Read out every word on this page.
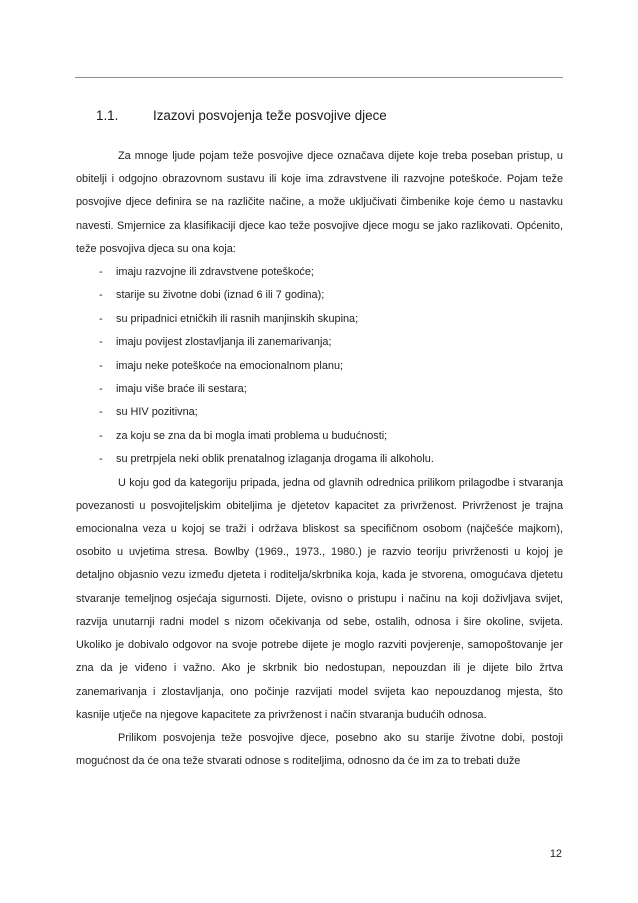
1.1.	Izazovi posvojenja teže posvojive djece

Za mnoge ljude pojam teže posvojive djece označava dijete koje treba poseban pristup, u obitelji i odgojno obrazovnom sustavu ili koje ima zdravstvene ili razvojne poteškoće. Pojam teže posvojive djece definira se na različite načine, a može uključivati čimbenike koje ćemo u nastavku navesti. Smjernice za klasifikaciji djece kao teže posvojive djece mogu se jako razlikovati. Općenito, teže posvojiva djeca su ona koja:

- imaju razvojne ili zdravstvene poteškoće;
- starije su životne dobi (iznad 6 ili 7 godina);
- su pripadnici etničkih ili rasnih manjinskih skupina;
- imaju povijest zlostavljanja ili zanemarivanja;
- imaju neke poteškoće na emocionalnom planu;
- imaju više braće ili sestara;
- su HIV pozitivna;
- za koju se zna da bi mogla imati problema u budućnosti;
- su pretrpjela neki oblik prenatalnog izlaganja drogama ili alkoholu.

U koju god da kategoriju pripada, jedna od glavnih odrednica prilikom prilagodbe i stvaranja povezanosti u posvojiteljskim obiteljima je djetetov kapacitet za privrženost. Privrženost je trajna emocionalna veza u kojoj se traži i održava bliskost sa specifičnom osobom (najčešće majkom), osobito u uvjetima stresa. Bowlby (1969., 1973., 1980.) je razvio teoriju privrženosti u kojoj je detaljno objasnio vezu između djeteta i roditelja/skrbnika koja, kada je stvorena, omogućava djetetu stvaranje temeljnog osjećaja sigurnosti. Dijete, ovisno o pristupu i načinu na koji doživljava svijet, razvija unutarnji radni model s nizom očekivanja od sebe, ostalih, odnosa i šire okoline, svijeta. Ukoliko je dobivalo odgovor na svoje potrebe dijete je moglo razviti povjerenje, samopoštovanje jer zna da je viđeno i važno. Ako je skrbnik bio nedostupan, nepouzdan ili je dijete bilo žrtva zanemarivanja i zlostavljanja, ono počinje razvijati model svijeta kao nepouzdanog mjesta, što kasnije utječe na njegove kapacitete za privrženost i način stvaranja budućih odnosa.

Prilikom posvojenja teže posvojive djece, posebno ako su starije životne dobi, postoji mogućnost da će ona teže stvarati odnose s roditeljima, odnosno da će im za to trebati duže

12
